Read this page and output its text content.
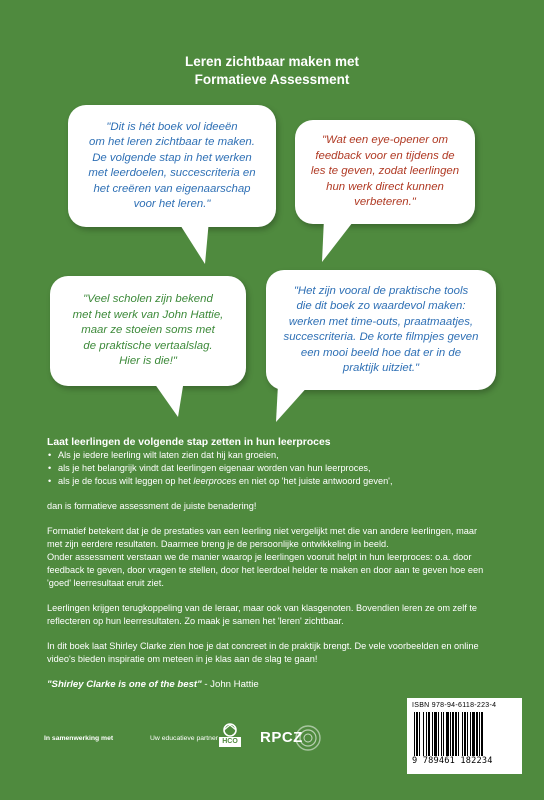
Leren zichtbaar maken met
Formatieve Assessment

"Dit is hét boek vol ideeën
om het leren zichtbaar te maken.
De volgende stap in het werken
met leerdoelen, succescriteria en
het creëren van eigenaarschap
voor het leren."

"Wat een eye-opener om
feedback voor en tijdens de
les te geven, zodat leerlingen
hun werk direct kunnen
verbeteren."

"Veel scholen zijn bekend
met het werk van John Hattie,
maar ze stoeien soms met
de praktische vertaalslag.
Hier is die!"

"Het zijn vooral de praktische tools
die dit boek zo waardevol maken:
werken met time-outs, praatmaatjes,
succescriteria. De korte filmpjes geven
een mooi beeld hoe dat er in de
praktijk uitziet."

Laat leerlingen de volgende stap zetten in hun leerproces

• Als je iedere leerling wilt laten zien dat hij kan groeien,
• als je het belangrijk vindt dat leerlingen eigenaar worden van hun leerproces,
• als je de focus wilt leggen op het leerproces en niet op 'het juiste antwoord geven',

dan is formatieve assessment de juiste benadering!

Formatief betekent dat je de prestaties van een leerling niet vergelijkt met die van andere leerlingen, maar
met zijn eerdere resultaten. Daarmee breng je de persoonlijke ontwikkeling in beeld.
Onder assessment verstaan we de manier waarop je leerlingen vooruit helpt in hun leerproces: o.a. door
feedback te geven, door vragen te stellen, door het leerdoel helder te maken en door aan te geven hoe een
'goed' leerresultaat eruit ziet.

Leerlingen krijgen terugkoppeling van de leraar, maar ook van klasgenoten. Bovendien leren ze om zelf te
reflecteren op hun leerresultaten. Zo maak je samen het 'leren' zichtbaar.

In dit boek laat Shirley Clarke zien hoe je dat concreet in de praktijk brengt. De vele voorbeelden en online
video's bieden inspiratie om meteen in je klas aan de slag te gaan!

"Shirley Clarke is one of the best" - John Hattie

ISBN 978-94-6118-223-4
9 789461 182234
In samenwerking met	Uw educatieve partner HCO RPCZ
